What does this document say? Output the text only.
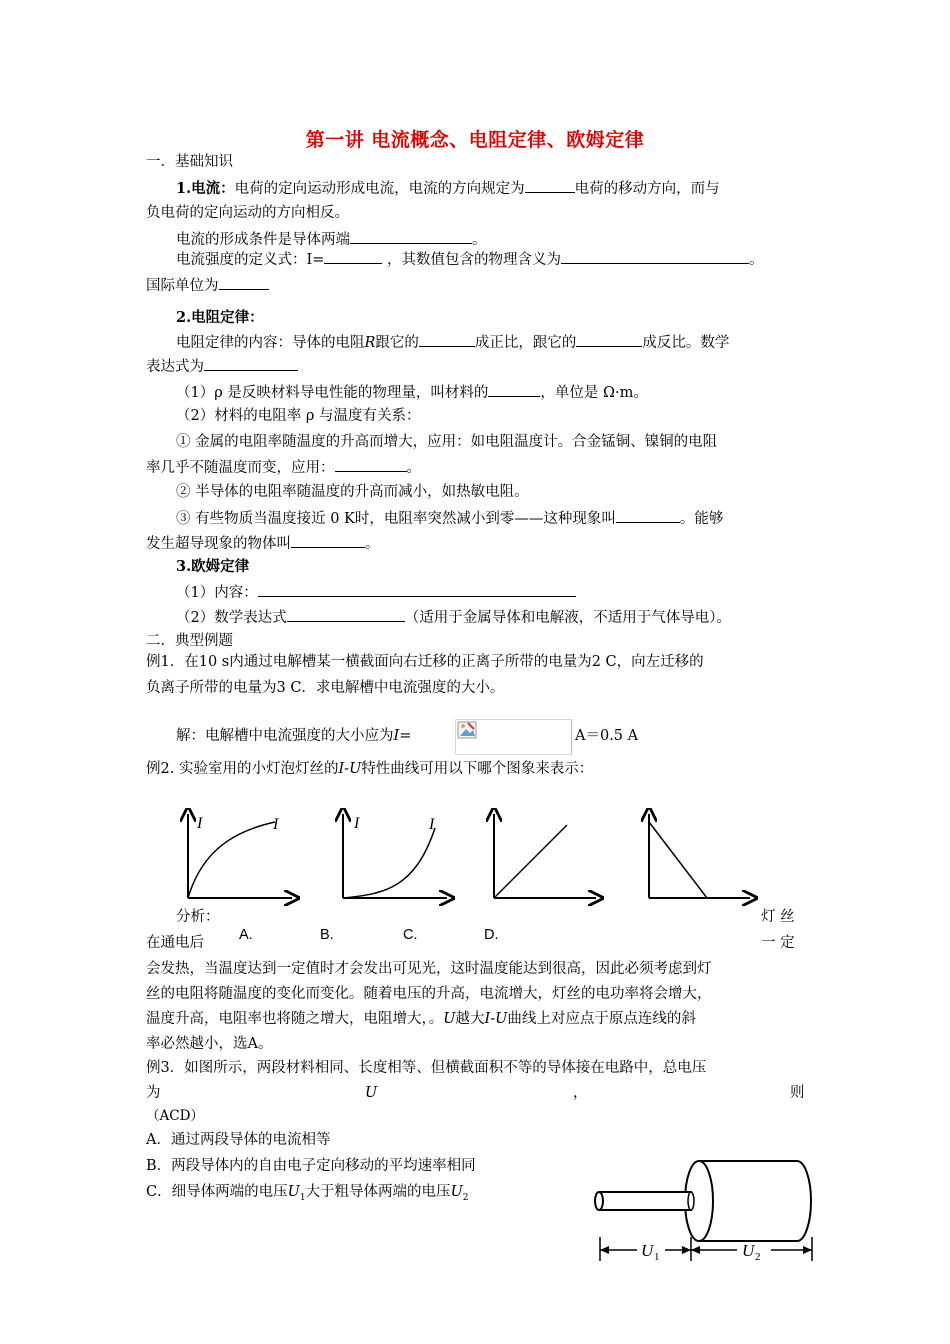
第一讲 电流概念、电阻定律、欧姆定律
一．基础知识
1.电流：电荷的定向运动形成电流，电流的方向规定为	电荷的移动方向，而与
负电荷的定向运动的方向相反。
电流的形成条件是导体两端	。
电流强度的定义式：I=	，其数值包含的物理含义为	。
国际单位为
2.电阻定律：
电阻定律的内容：导体的电阻R跟它的	成正比，跟它的	成反比。数学
表达式为
（1）ρ 是反映材料导电性能的物理量，叫材料的	，单位是 Ω·m。
（2）材料的电阻率 ρ 与温度有关系：
① 金属的电阻率随温度的升高而增大，应用：如电阻温度计。合金锰铜、镍铜的电阻
率几乎不随温度而变，应用：	。
② 半导体的电阻率随温度的升高而减小，如热敏电阻。
③ 有些物质当温度接近 0 K时，电阻率突然减小到零——这种现象叫	。能够
发生超导现象的物体叫	。
3.欧姆定律
（1）内容：
（2）数学表达式	（适用于金属导体和电解液，不适用于气体导电）。
二．典型例题
例1．在10 s内通过电解槽某一横截面向右迁移的正离子所带的电量为2 C，向左迁移的
负离子所带的电量为3 C．求电解槽中电流强度的大小。
解：电解槽中电流强度的大小应为I=	A＝0.5 A
例2. 实验室用的小灯泡灯丝的I-U特性曲线可用以下哪个图象来表示：
I	I	I	I
分析：	灯 丝
在通电后	一 定
A.	B.	C.	D.
会发热，当温度达到一定值时才会发出可见光，这时温度能达到很高，因此必须考虑到灯
丝的电阻将随温度的变化而变化。随着电压的升高，电流增大，灯丝的电功率将会增大，
温度升高，电阻率也将随之增大，电阻增大，。U越大I-U曲线上对应点于原点连线的斜
率必然越小，选A。
例3．如图所示，两段材料相同、长度相等、但横截面积不等的导体接在电路中，总电压
为	U	，	则
（ACD）
A．通过两段导体的电流相等
B．两段导体内的自由电子定向移动的平均速率相同
C．细导体两端的电压$U_1$大于粗导体两端的电压$U_2$
U 1	U 2
